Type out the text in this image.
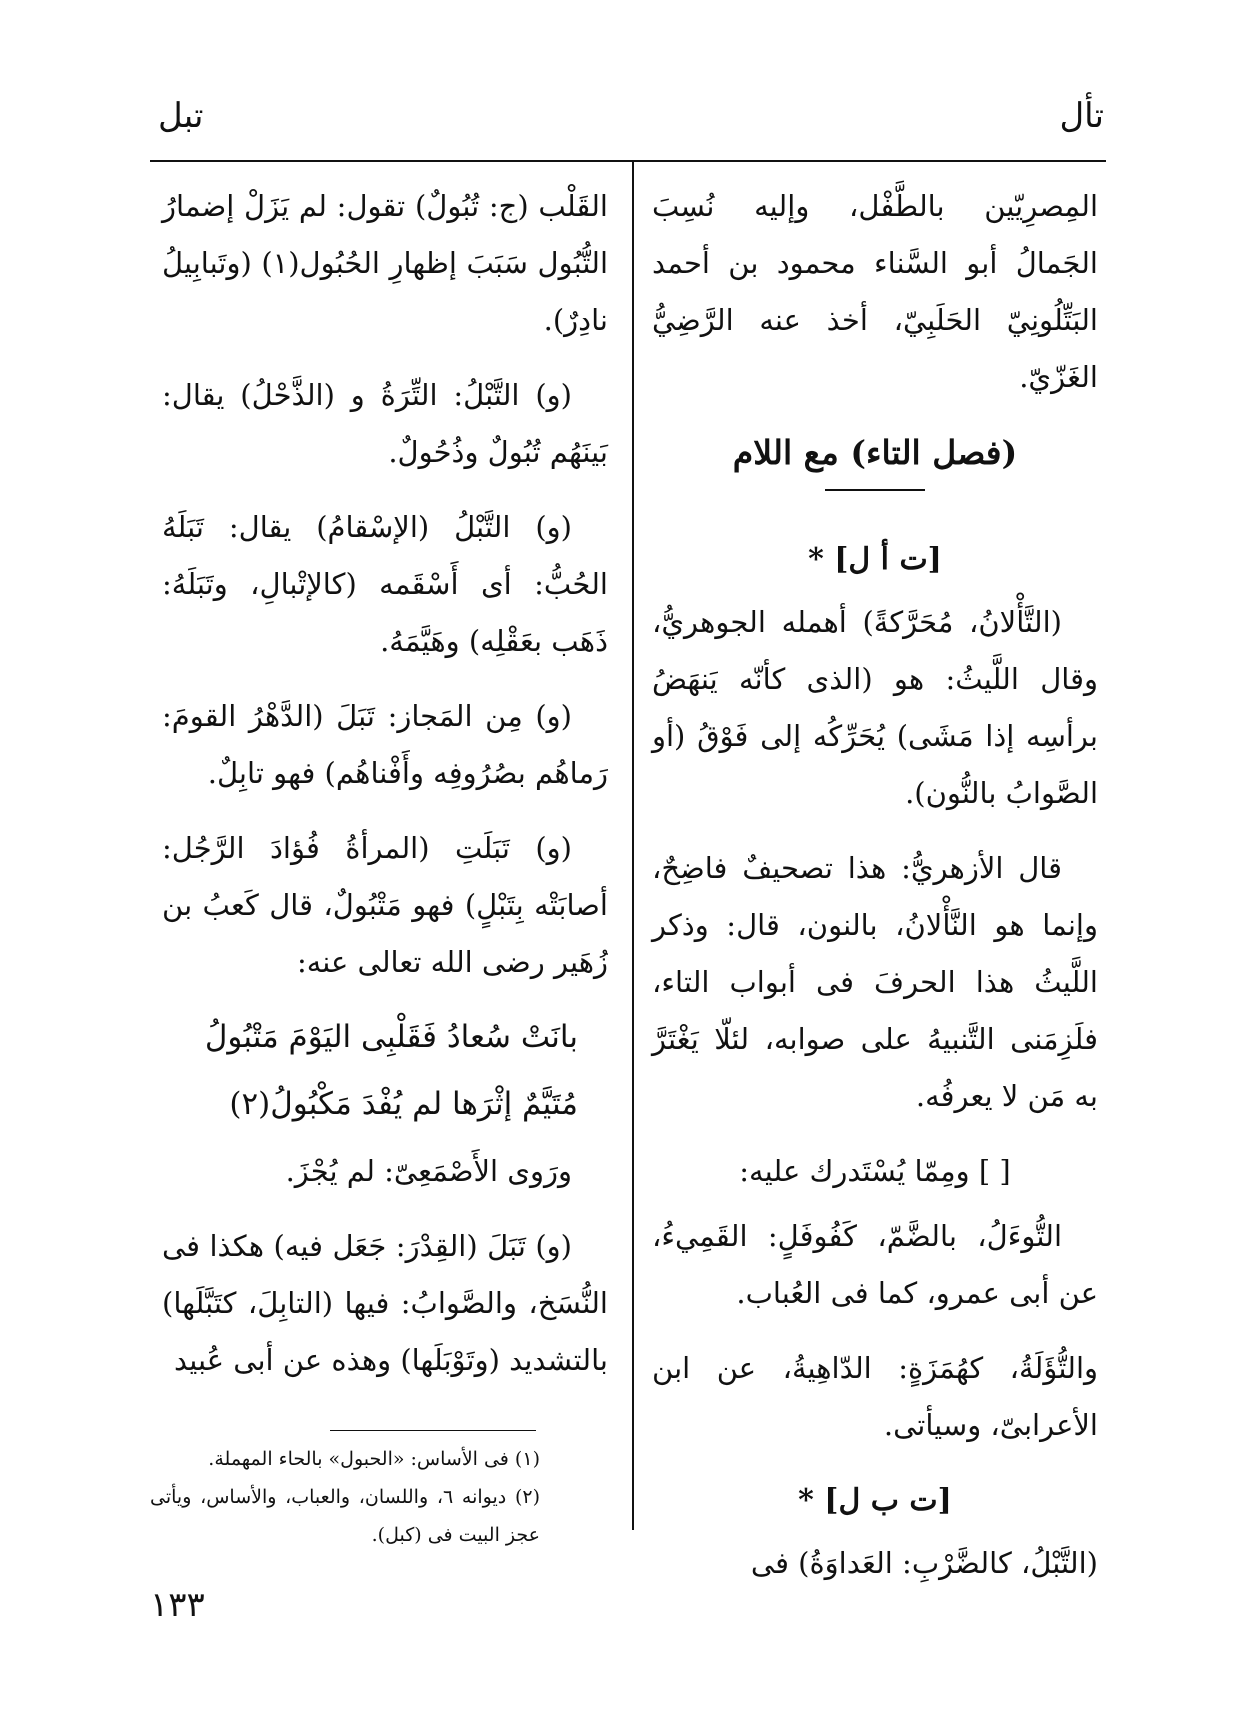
تأل
تبل

المِصرِيّين بالطَّفْل، وإليه نُسِبَ الجَمالُ أبو السَّناء محمود بن أحمد البَتِّلُونِيّ الحَلَبِيّ، أخذ عنه الرَّضِيُّ الغَزّيّ.

(فصل التاء) مع اللام
[ت أ ل] *

(التَّأْلانُ، مُحَرَّكةً) أهمله الجوهريُّ، وقال اللَّيثُ: هو (الذى كأنّه يَنهَضُ برأسِه إذا مَشَى) يُحَرِّكُه إلى فَوْقُ (أو الصَّوابُ بالنُّون).

قال الأزهريُّ: هذا تصحيفٌ فاضِحٌ، وإنما هو النَّأْلانُ، بالنون، قال: وذكر اللَّيثُ هذا الحرفَ فى أبواب التاء، فلَزِمَنى التَّنبيهُ على صوابه، لئلّا يَغْتَرَّ به مَن لا يعرفُه.

[ ] ومِمّا يُسْتَدرك عليه:

التُّوءَلُ، بالضَّمّ، كَفُوفَلٍ: القَمِيءُ، عن أبى عمرو، كما فى العُباب.

والتُّؤَلَةُ، كهُمَزَةٍ: الدّاهِيةُ، عن ابن الأعرابىّ، وسيأتى.

[ت ب ل] *

(التَّبْلُ، كالضَّرْبِ: العَداوَةُ) فى

القَلْب (ج: تُبُولٌ) تقول: لم يَزَلْ إضمارُ التُّبُول سَبَبَ إظهارِ الحُبُول(١) (وتَبابِيلُ نادِرٌ).

(و) التَّبْلُ: التِّرَةُ و (الذَّحْلُ) يقال: بَينَهُم تُبُولٌ وذُحُولٌ.

(و) التَّبْلُ (الإسْقامُ) يقال: تَبَلَهُ الحُبُّ: أى أَسْقَمه (كالإتْبالِ، وتَبَلَهُ: ذَهَب بعَقْلِه) وهَيَّمَهُ.

(و) مِن المَجاز: تَبَلَ (الدَّهْرُ القومَ: رَماهُم بصُرُوفِه وأَفْناهُم) فهو تابِلٌ.

(و) تَبَلَتِ (المرأةُ فُؤادَ الرَّجُل: أصابَتْه بِتَبْلٍ) فهو مَتْبُولٌ، قال كَعبُ بن زُهَير رضى الله تعالى عنه:

بانَتْ سُعادُ فَقَلْبِى اليَوْمَ مَتْبُولُ
مُتَيَّمٌ إثْرَها لم يُفْدَ مَكْبُولُ(٢)

ورَوى الأَصْمَعِىّ: لم يُجْزَ.

(و) تَبَلَ (القِدْرَ: جَعَل فيه) هكذا فى النُّسَخ، والصَّوابُ: فيها (التابِلَ، كتَبَّلَها) بالتشديد (وتَوْبَلَها) وهذه عن أبى عُبيد

(١) فى الأساس: «الحبول» بالحاء المهملة.

(٢) ديوانه ٦، واللسان، والعباب، والأساس، ويأتى عجز البيت فى (كبل).

١٣٣
